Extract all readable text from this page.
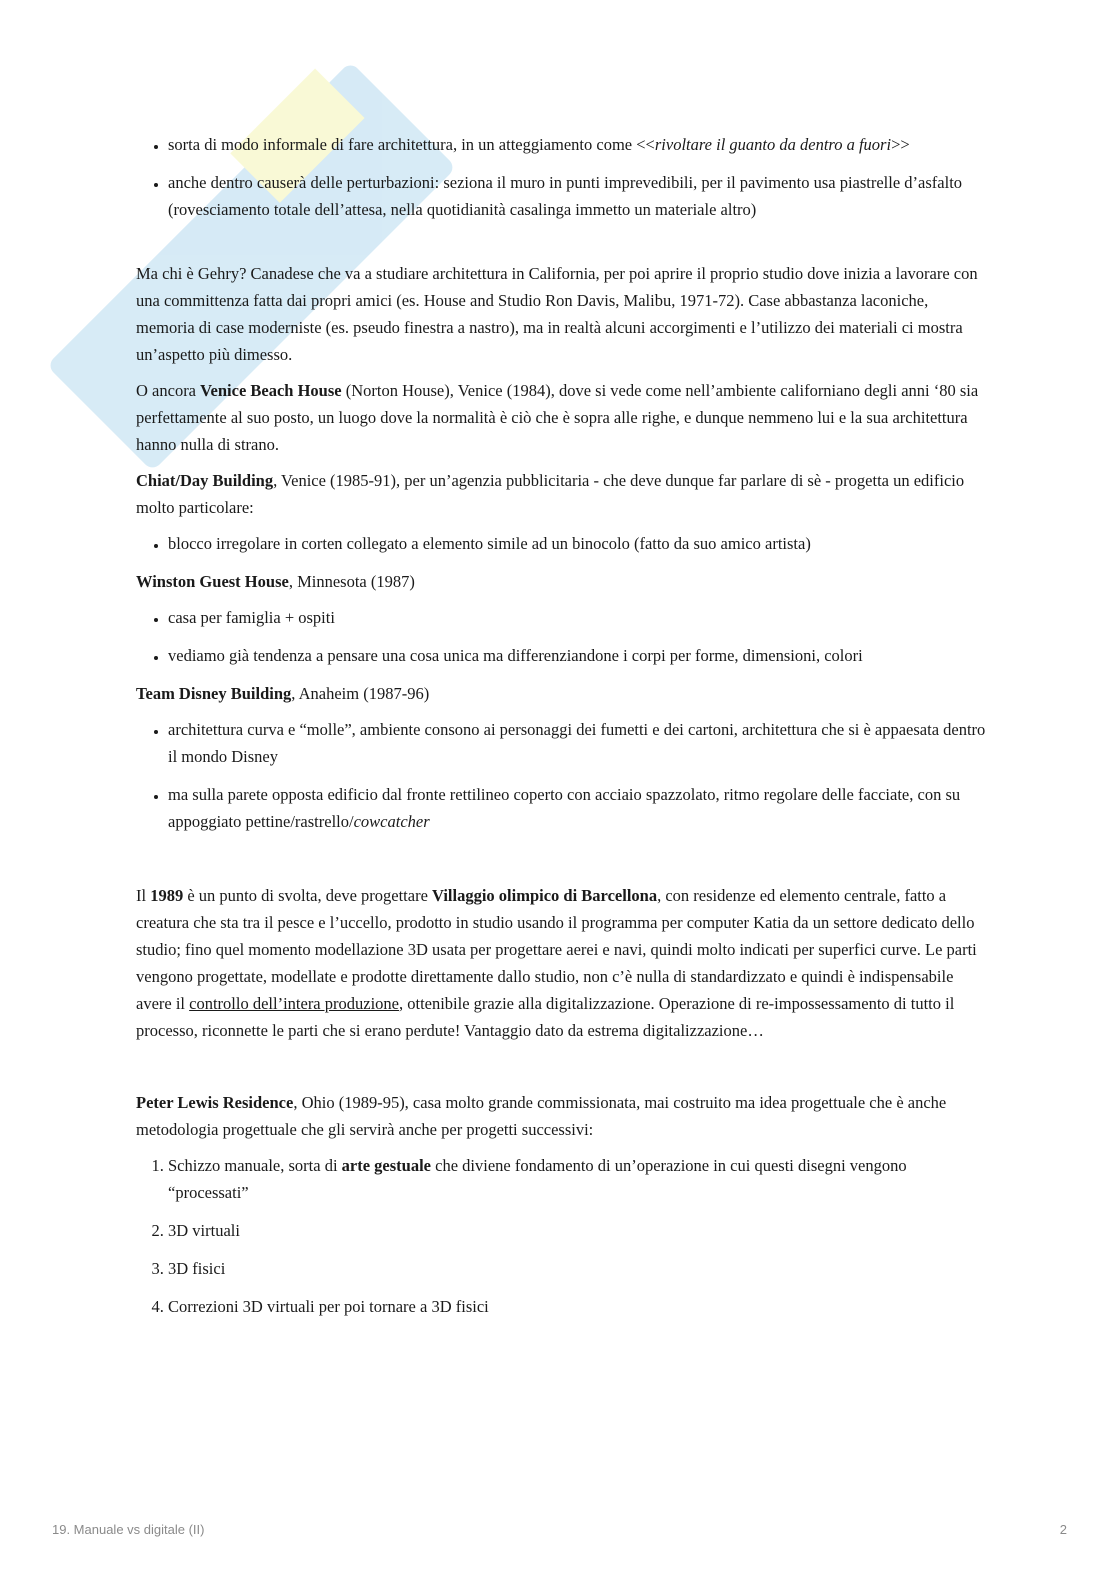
• sorta di modo informale di fare architettura, in un atteggiamento come <<rivoltare il guanto da dentro a fuori>>
• anche dentro causerà delle perturbazioni: seziona il muro in punti imprevedibili, per il pavimento usa piastrelle d’asfalto (rovesciamento totale dell’attesa, nella quotidianità casalinga immetto un materiale altro)

Ma chi è Gehry? Canadese che va a studiare architettura in California, per poi aprire il proprio studio dove inizia a lavorare con una committenza fatta dai propri amici (es. House and Studio Ron Davis, Malibu, 1971-72). Case abbastanza laconiche, memoria di case moderniste (es. pseudo finestra a nastro), ma in realtà alcuni accorgimenti e l’utilizzo dei materiali ci mostra un’aspetto più dimesso.

O ancora Venice Beach House (Norton House), Venice (1984), dove si vede come nell’ambiente californiano degli anni ‘80 sia perfettamente al suo posto, un luogo dove la normalità è ciò che è sopra alle righe, e dunque nemmeno lui e la sua architettura hanno nulla di strano.

Chiat/Day Building, Venice (1985-91), per un’agenzia pubblicitaria - che deve dunque far parlare di sè - progetta un edificio molto particolare:

• blocco irregolare in corten collegato a elemento simile ad un binocolo (fatto da suo amico artista)

Winston Guest House, Minnesota (1987)

• casa per famiglia + ospiti
• vediamo già tendenza a pensare una cosa unica ma differenziandone i corpi per forme, dimensioni, colori

Team Disney Building, Anaheim (1987-96)

• architettura curva e “molle”, ambiente consono ai personaggi dei fumetti e dei cartoni, architettura che si è appaesata dentro il mondo Disney
• ma sulla parete opposta edificio dal fronte rettilineo coperto con acciaio spazzolato, ritmo regolare delle facciate, con su appoggiato pettine/rastrello/cowcatcher

Il 1989 è un punto di svolta, deve progettare Villaggio olimpico di Barcellona, con residenze ed elemento centrale, fatto a creatura che sta tra il pesce e l’uccello, prodotto in studio usando il programma per computer Katia da un settore dedicato dello studio; fino quel momento modellazione 3D usata per progettare aerei e navi, quindi molto indicati per superfici curve. Le parti vengono progettate, modellate e prodotte direttamente dallo studio, non c’è nulla di standardizzato e quindi è indispensabile avere il controllo dell’intera produzione, ottenibile grazie alla digitalizzazione. Operazione di re-impossessamento di tutto il processo, riconnette le parti che si erano perdute! Vantaggio dato da estrema digitalizzazione…

Peter Lewis Residence, Ohio (1989-95), casa molto grande commissionata, mai costruito ma idea progettuale che è anche metodologia progettuale che gli servirà anche per progetti successivi:

1. Schizzo manuale, sorta di arte gestuale che diviene fondamento di un’operazione in cui questi disegni vengono “processati”
2. 3D virtuali
3. 3D fisici
4. Correzioni 3D virtuali per poi tornare a 3D fisici
19. Manuale vs digitale (II)	2
